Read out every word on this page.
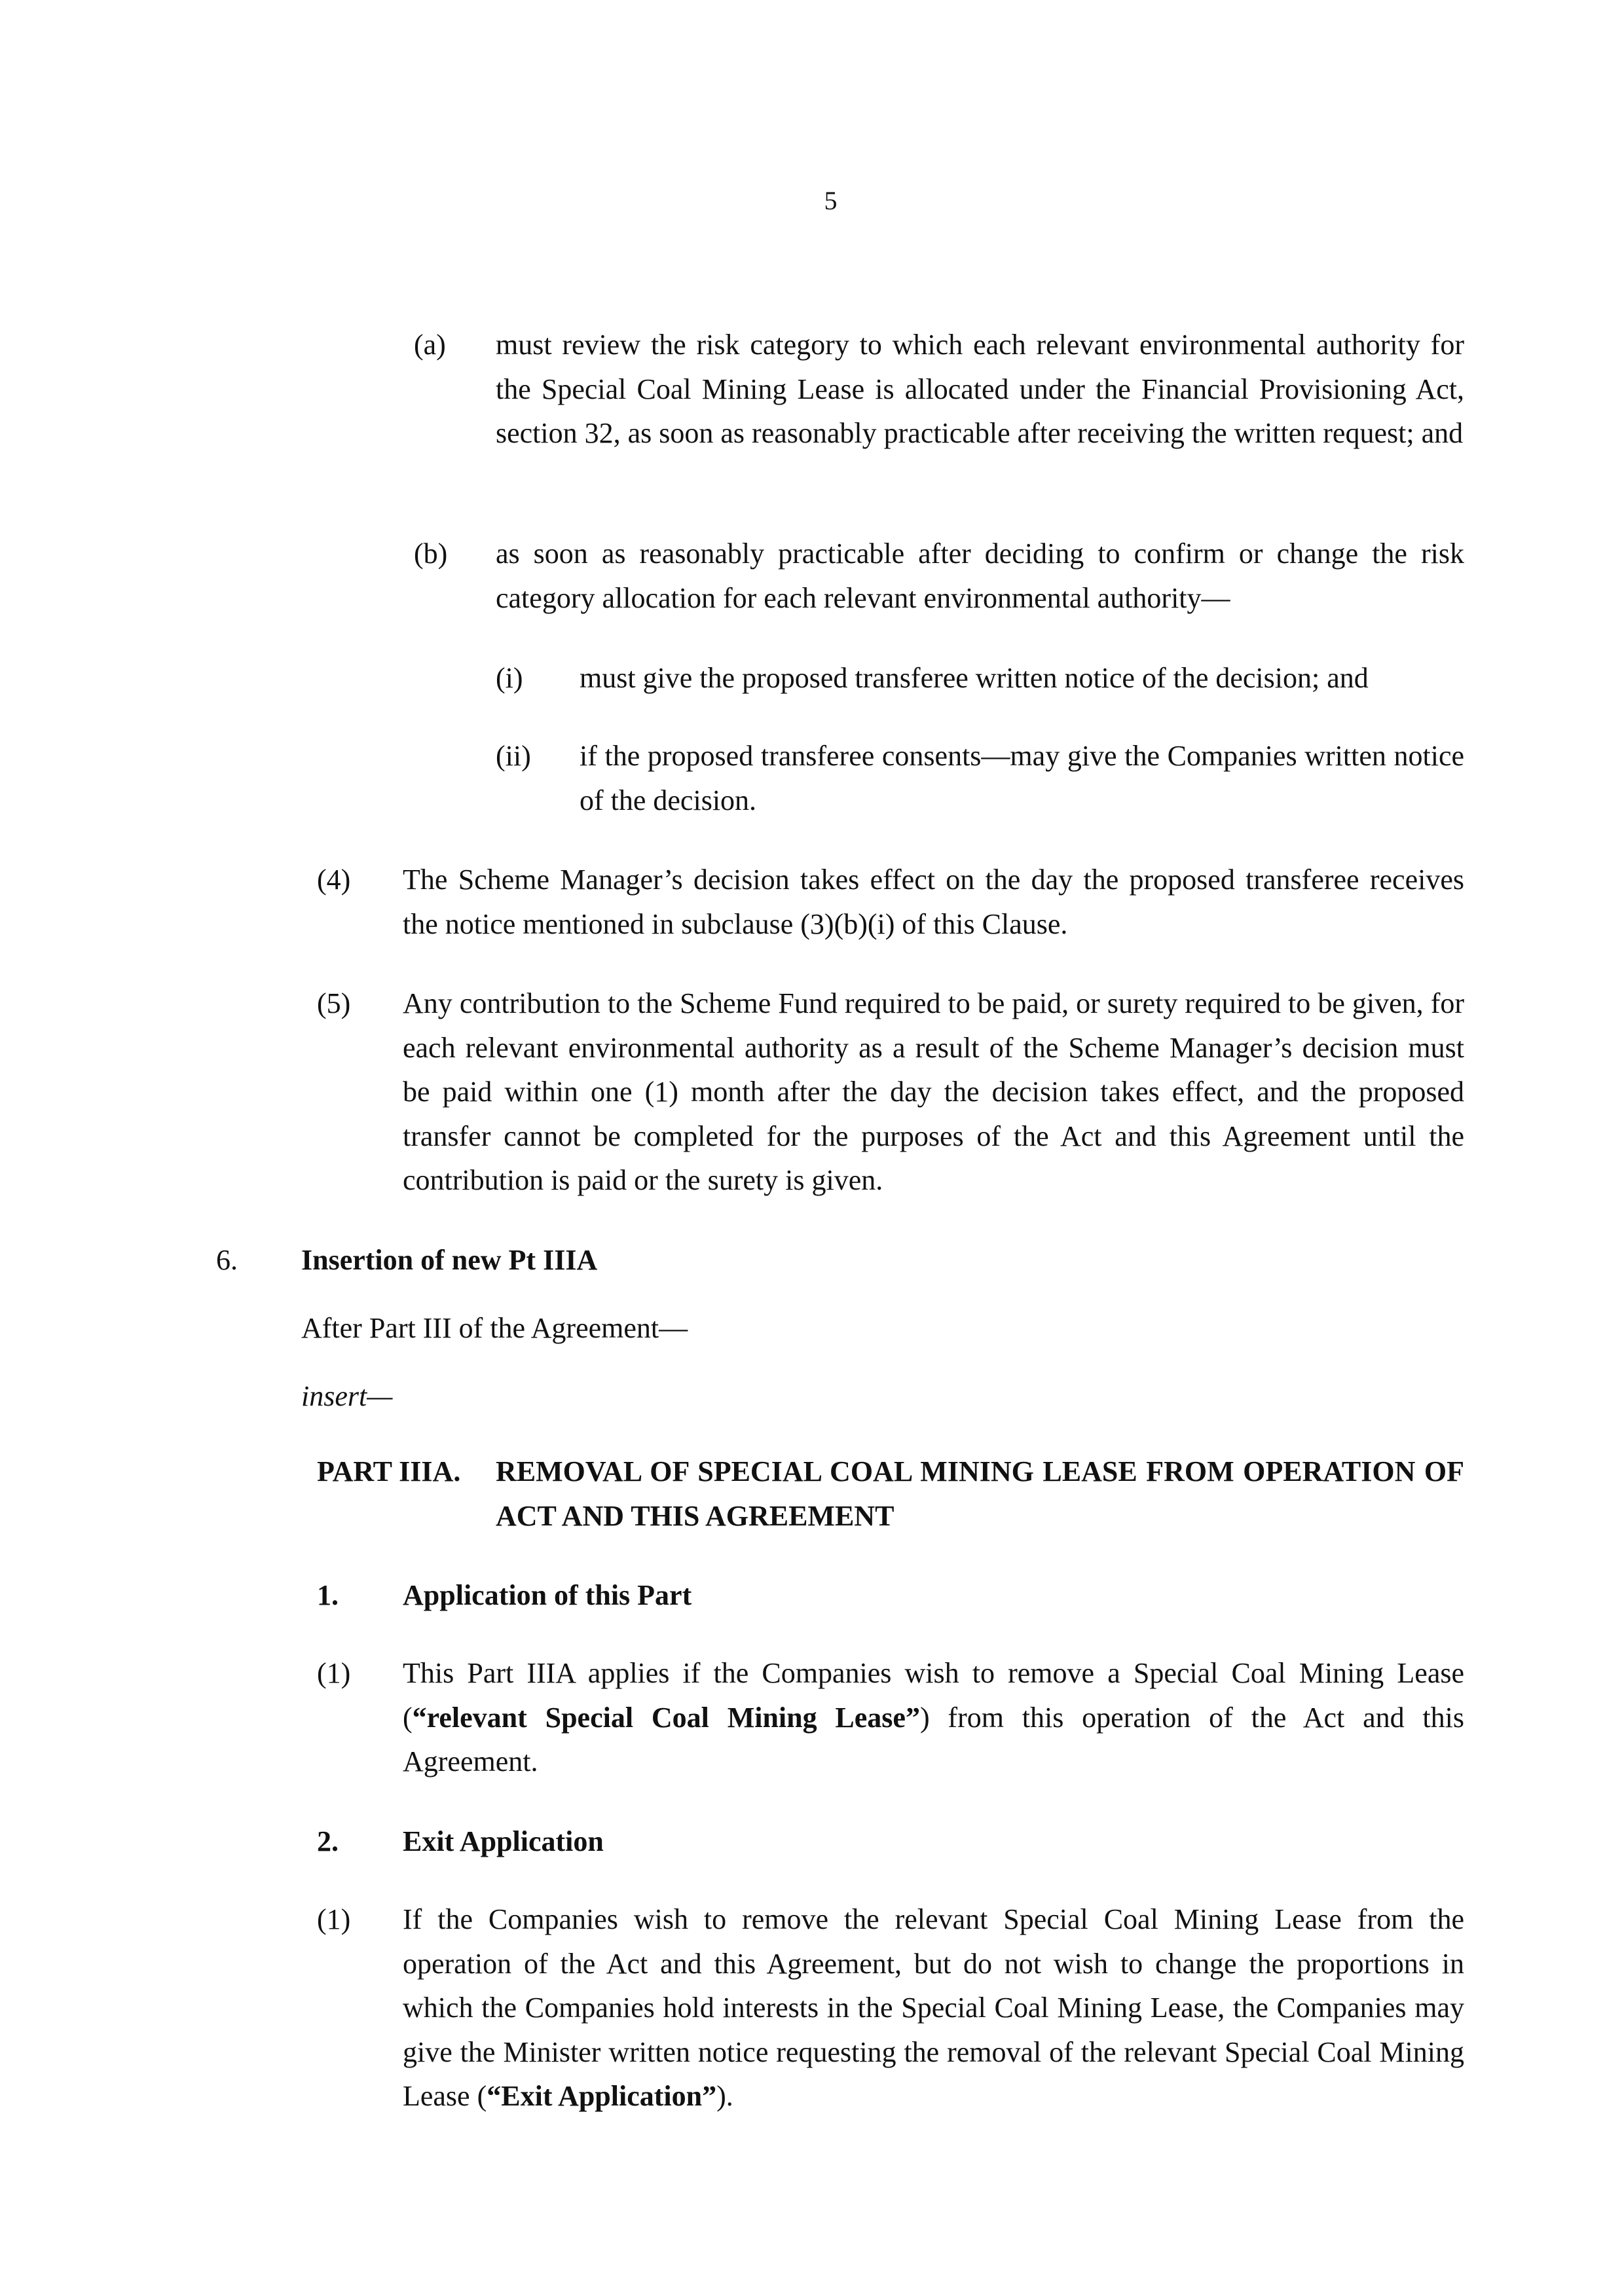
5
(a) must review the risk category to which each relevant environmental authority for the Special Coal Mining Lease is allocated under the Financial Provisioning Act, section 32, as soon as reasonably practicable after receiving the written request; and
(b) as soon as reasonably practicable after deciding to confirm or change the risk category allocation for each relevant environmental authority—
(i) must give the proposed transferee written notice of the decision; and
(ii) if the proposed transferee consents—may give the Companies written notice of the decision.
(4) The Scheme Manager’s decision takes effect on the day the proposed transferee receives the notice mentioned in subclause (3)(b)(i) of this Clause.
(5) Any contribution to the Scheme Fund required to be paid, or surety required to be given, for each relevant environmental authority as a result of the Scheme Manager’s decision must be paid within one (1) month after the day the decision takes effect, and the proposed transfer cannot be completed for the purposes of the Act and this Agreement until the contribution is paid or the surety is given.
6. Insertion of new Pt IIIA
After Part III of the Agreement—
insert—
PART IIIA. REMOVAL OF SPECIAL COAL MINING LEASE FROM OPERATION OF ACT AND THIS AGREEMENT
1. Application of this Part
(1) This Part IIIA applies if the Companies wish to remove a Special Coal Mining Lease (“relevant Special Coal Mining Lease”) from this operation of the Act and this Agreement.
2. Exit Application
(1) If the Companies wish to remove the relevant Special Coal Mining Lease from the operation of the Act and this Agreement, but do not wish to change the proportions in which the Companies hold interests in the Special Coal Mining Lease, the Companies may give the Minister written notice requesting the removal of the relevant Special Coal Mining Lease (“Exit Application”).
